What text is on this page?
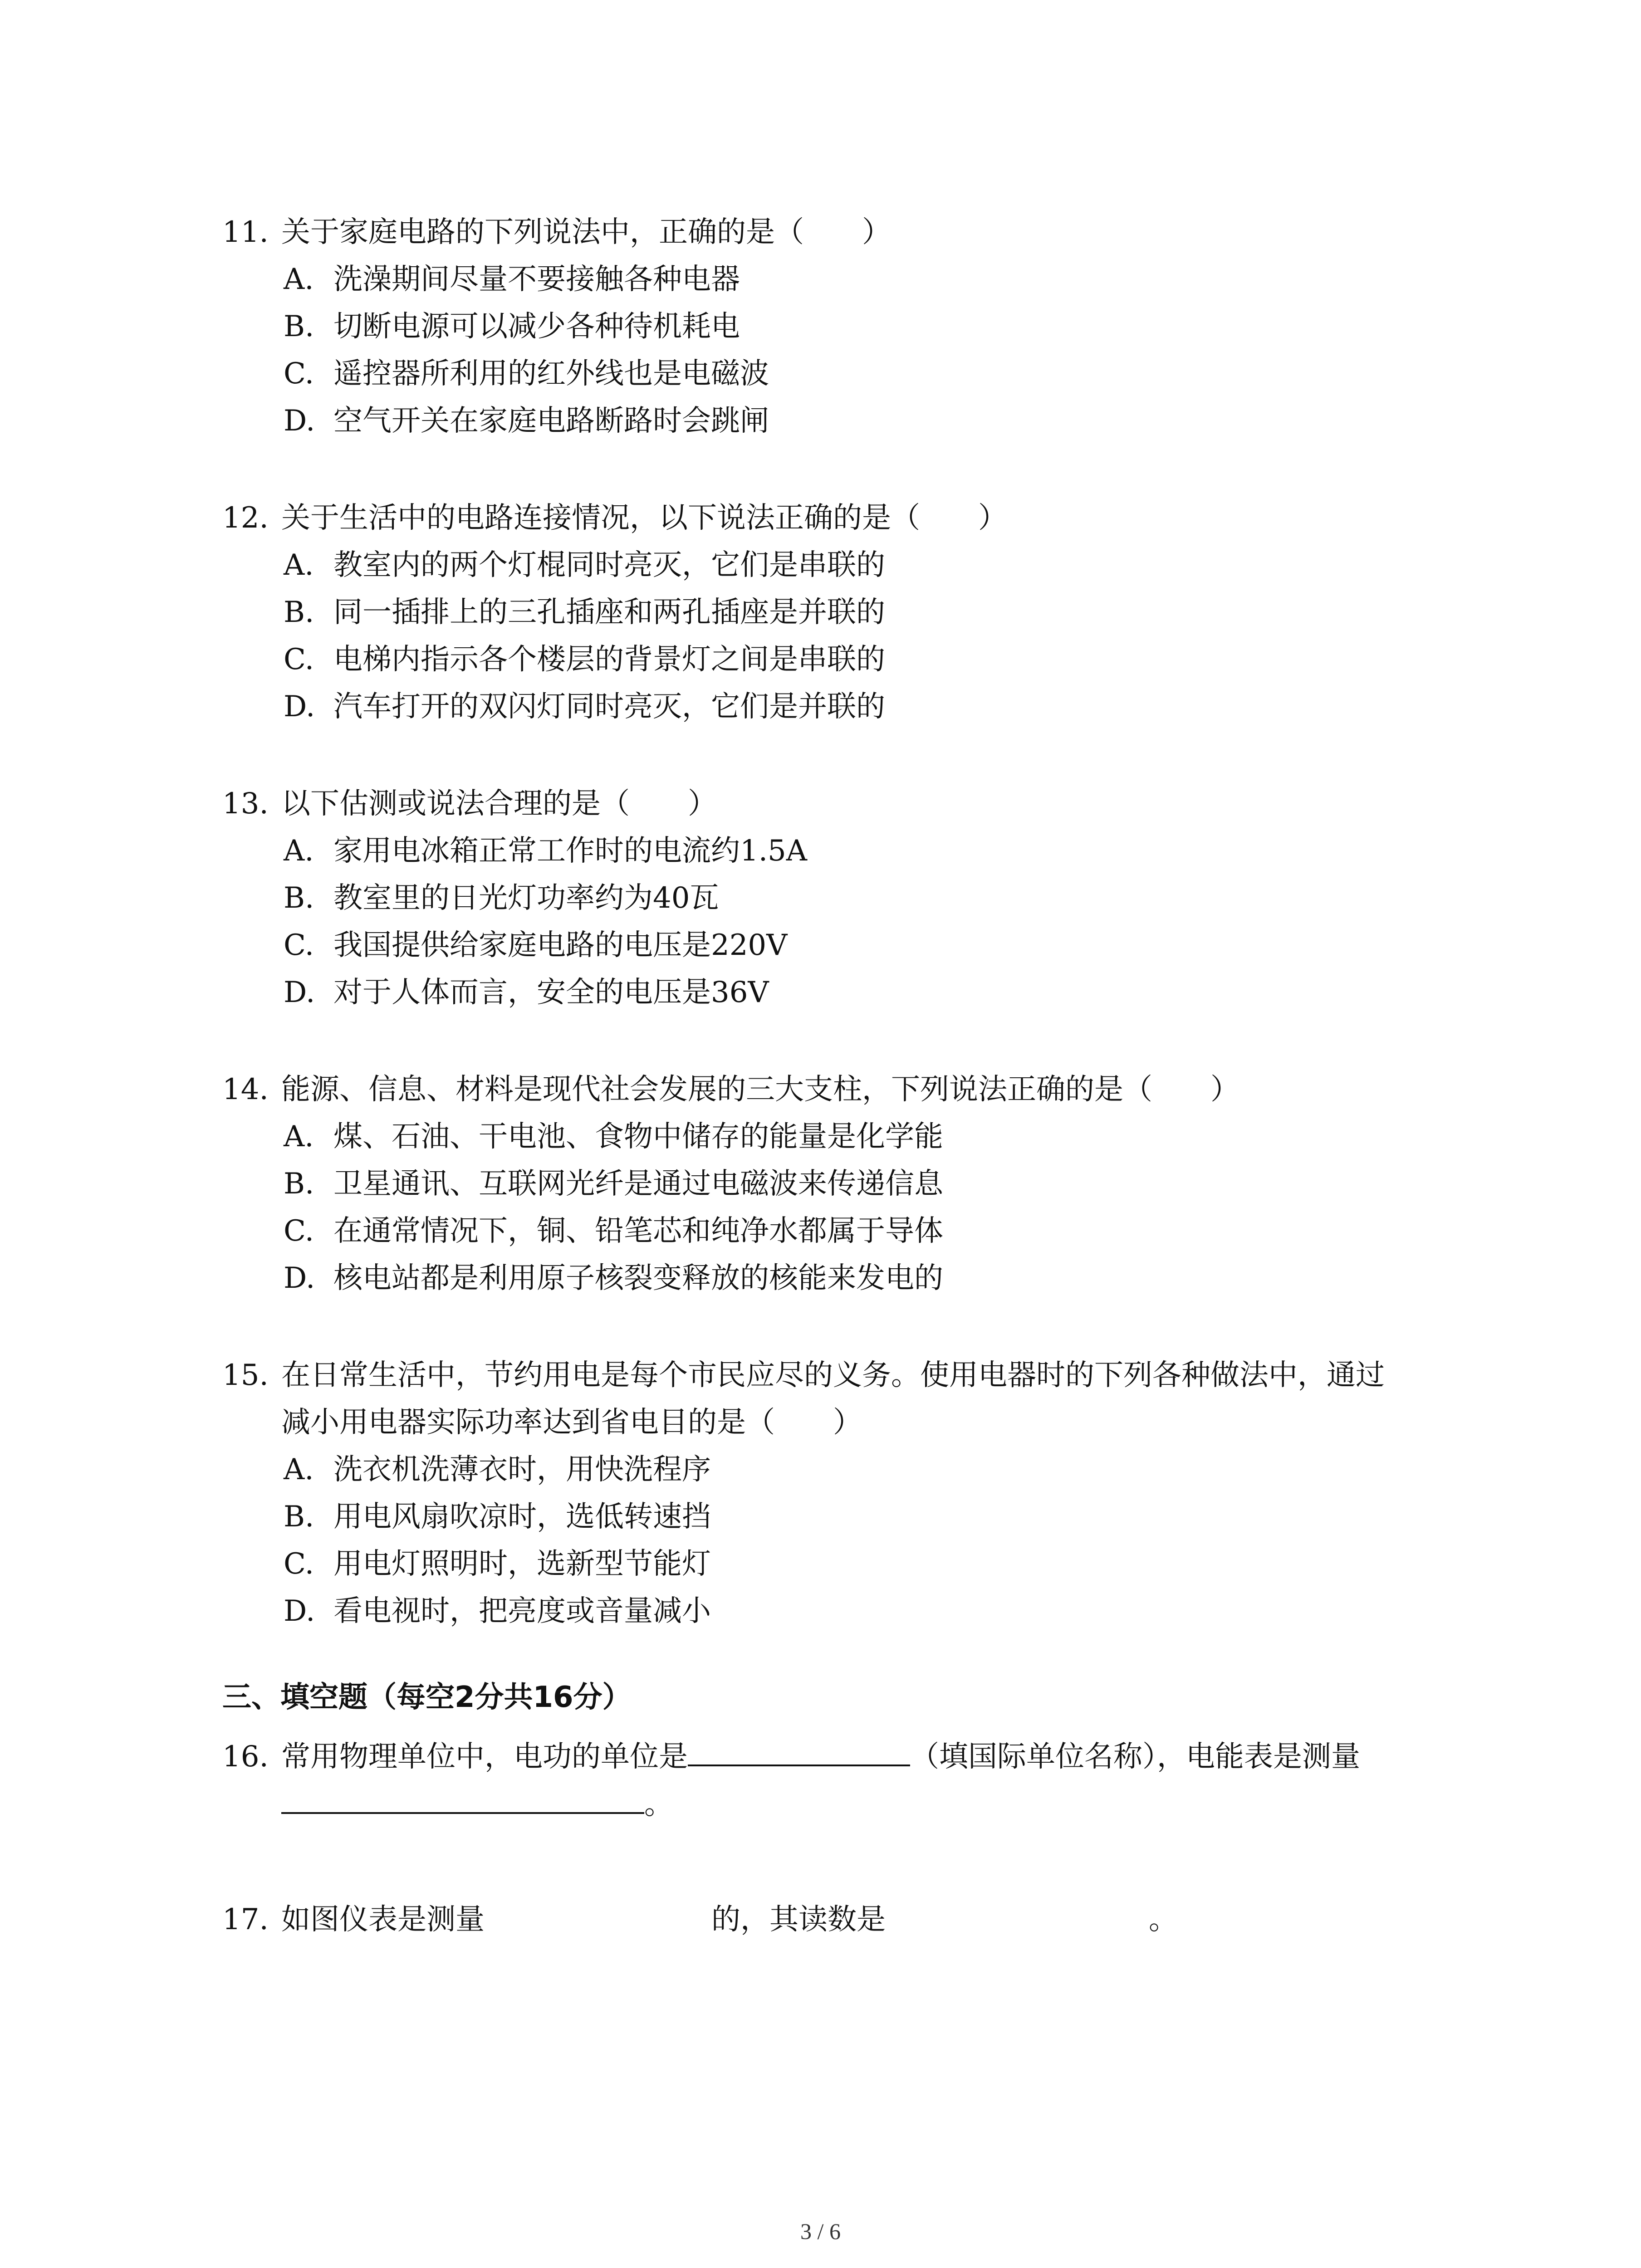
11. 关于家庭电路的下列说法中，正确的是（　　）
A. 洗澡期间尽量不要接触各种电器
B. 切断电源可以减少各种待机耗电
C. 遥控器所利用的红外线也是电磁波
D. 空气开关在家庭电路断路时会跳闸
12. 关于生活中的电路连接情况，以下说法正确的是（　　）
A. 教室内的两个灯棍同时亮灭，它们是串联的
B. 同一插排上的三孔插座和两孔插座是并联的
C. 电梯内指示各个楼层的背景灯之间是串联的
D. 汽车打开的双闪灯同时亮灭，它们是并联的
13. 以下估测或说法合理的是（　　）
A. 家用电冰箱正常工作时的电流约1.5A
B. 教室里的日光灯功率约为40瓦
C. 我国提供给家庭电路的电压是220V
D. 对于人体而言，安全的电压是36V
14. 能源、信息、材料是现代社会发展的三大支柱，下列说法正确的是（　　）
A. 煤、石油、干电池、食物中储存的能量是化学能
B. 卫星通讯、互联网光纤是通过电磁波来传递信息
C. 在通常情况下，铜、铅笔芯和纯净水都属于导体
D. 核电站都是利用原子核裂变释放的核能来发电的
15. 在日常生活中，节约用电是每个市民应尽的义务。使用电器时的下列各种做法中，通过
减小用电器实际功率达到省电目的是（　　）
A. 洗衣机洗薄衣时，用快洗程序
B. 用电风扇吹凉时，选低转速挡
C. 用电灯照明时，选新型节能灯
D. 看电视时，把亮度或音量减小
三、填空题（每空2分共16分）
16. 常用物理单位中，电功的单位是	（填国际单位名称），电能表是测量
。
17. 如图仪表是测量	的，其读数是	。
3 / 6
